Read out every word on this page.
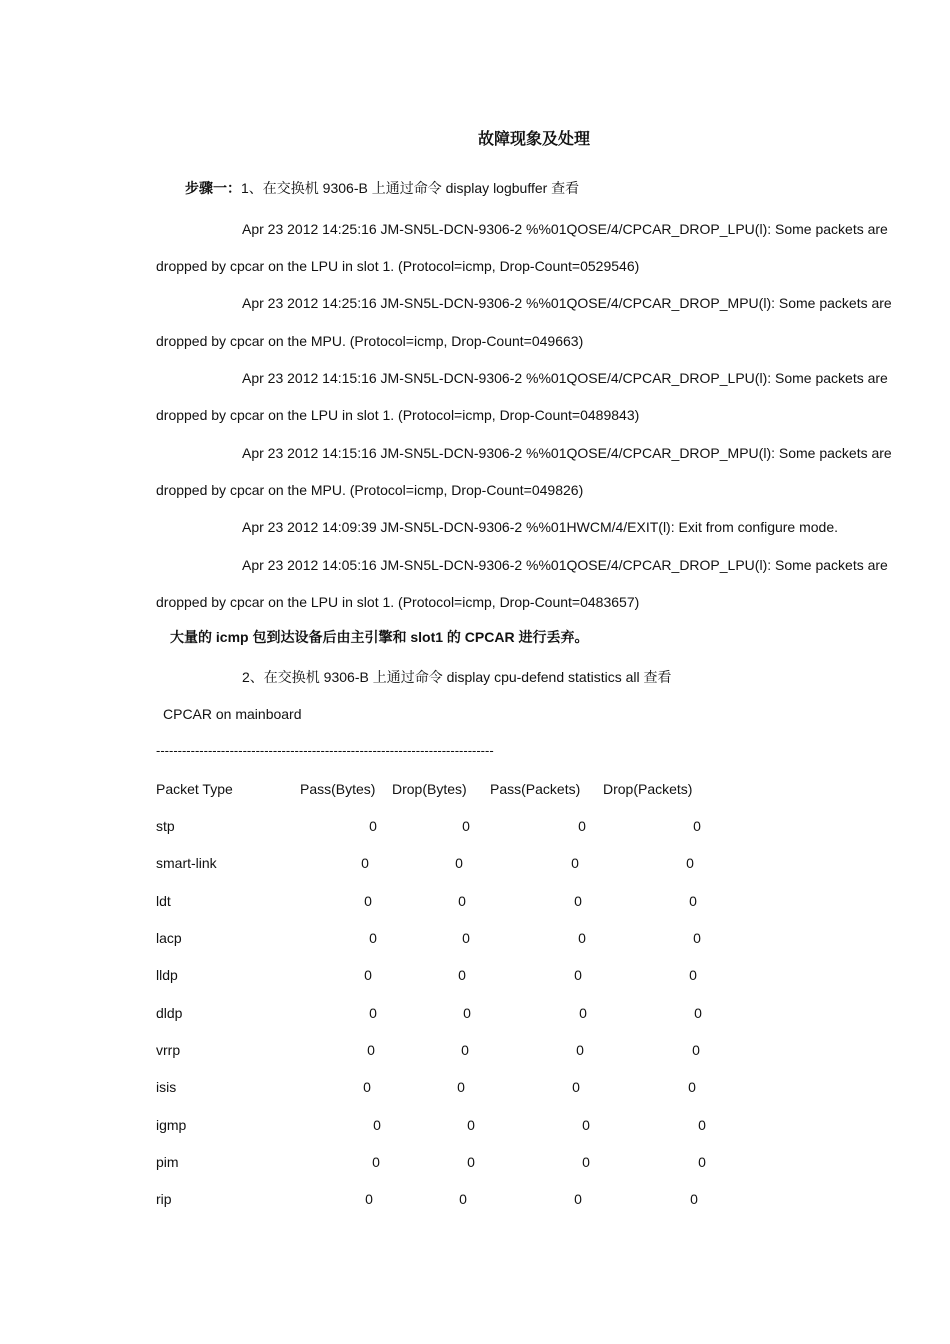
故障现象及处理
步骤一：1、在交换机 9306-B 上通过命令 display logbuffer 查看
Apr 23 2012 14:25:16 JM-SN5L-DCN-9306-2 %%01QOSE/4/CPCAR_DROP_LPU(l): Some packets are
dropped by cpcar on the LPU in slot 1. (Protocol=icmp, Drop-Count=0529546)
Apr 23 2012 14:25:16 JM-SN5L-DCN-9306-2 %%01QOSE/4/CPCAR_DROP_MPU(l): Some packets are
dropped by cpcar on the MPU. (Protocol=icmp, Drop-Count=049663)
Apr 23 2012 14:15:16 JM-SN5L-DCN-9306-2 %%01QOSE/4/CPCAR_DROP_LPU(l): Some packets are
dropped by cpcar on the LPU in slot 1. (Protocol=icmp, Drop-Count=0489843)
Apr 23 2012 14:15:16 JM-SN5L-DCN-9306-2 %%01QOSE/4/CPCAR_DROP_MPU(l): Some packets are
dropped by cpcar on the MPU. (Protocol=icmp, Drop-Count=049826)
Apr 23 2012 14:09:39 JM-SN5L-DCN-9306-2 %%01HWCM/4/EXIT(l): Exit from configure mode.
Apr 23 2012 14:05:16 JM-SN5L-DCN-9306-2 %%01QOSE/4/CPCAR_DROP_LPU(l): Some packets are
dropped by cpcar on the LPU in slot 1. (Protocol=icmp, Drop-Count=0483657)
大量的 icmp 包到达设备后由主引擎和 slot1 的 CPCAR 进行丢弃。
2、在交换机 9306-B 上通过命令 display cpu-defend statistics all 查看
CPCAR on mainboard
------------------------------------------------------------------------------
Packet Type	Pass(Bytes) Drop(Bytes) Pass(Packets) Drop(Packets)
stp	0	0	0	0
smart-link	0	0	0	0
ldt	0	0	0	0
lacp	0	0	0	0
lldp	0	0	0	0
dldp	0	0	0	0
vrrp	0	0	0	0
isis	0	0	0	0
igmp	0	0	0	0
pim	0	0	0	0
rip	0	0	0	0
